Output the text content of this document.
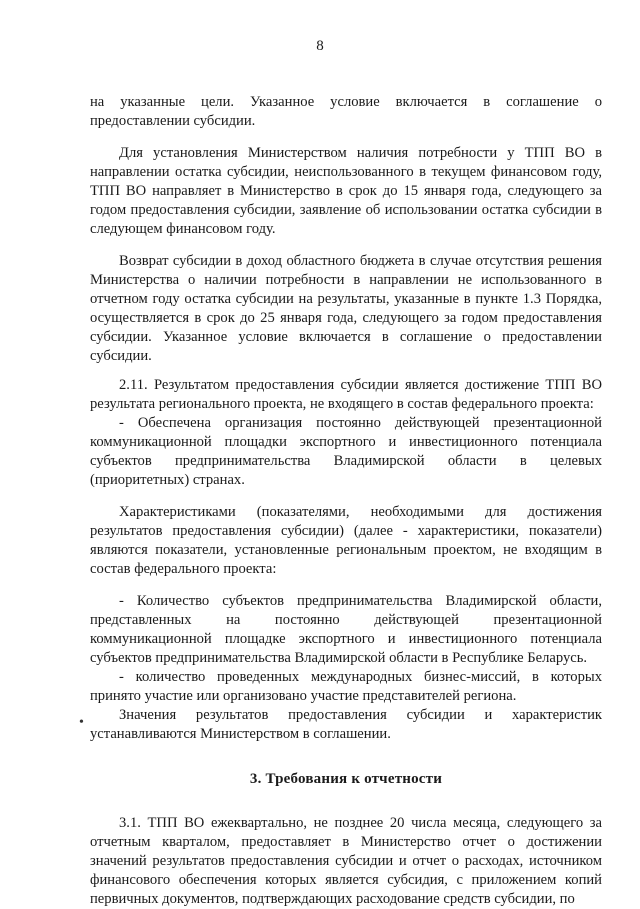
8
•

на указанные цели. Указанное условие включается в соглашение о предоставлении субсидии.

Для установления Министерством наличия потребности у ТПП ВО в направлении остатка субсидии, неиспользованного в текущем финансовом году, ТПП ВО направляет в Министерство в срок до 15 января года, следующего за годом предоставления субсидии, заявление об использовании остатка субсидии в следующем финансовом году.

Возврат субсидии в доход областного бюджета в случае отсутствия решения Министерства о наличии потребности в направлении не использованного в отчетном году остатка субсидии на результаты, указанные в пункте 1.3 Порядка, осуществляется в срок до 25 января года, следующего за годом предоставления субсидии. Указанное условие включается в соглашение о предоставлении субсидии.

2.11. Результатом предоставления субсидии является достижение ТПП ВО результата регионального проекта, не входящего в состав федерального проекта:

- Обеспечена организация постоянно действующей презентационной коммуникационной площадки экспортного и инвестиционного потенциала субъектов предпринимательства Владимирской области в целевых (приоритетных) странах.

Характеристиками (показателями, необходимыми для достижения результатов предоставления субсидии) (далее - характеристики, показатели) являются показатели, установленные региональным проектом, не входящим в состав федерального проекта:

- Количество субъектов предпринимательства Владимирской области, представленных на постоянно действующей презентационной коммуникационной площадке экспортного и инвестиционного потенциала субъектов предпринимательства Владимирской области в Республике Беларусь.

- количество проведенных международных бизнес-миссий, в которых принято участие или организовано участие представителей региона.

Значения результатов предоставления субсидии и характеристик устанавливаются Министерством в соглашении.

3. Требования к отчетности

3.1. ТПП ВО ежеквартально, не позднее 20 числа месяца, следующего за отчетным кварталом, предоставляет в Министерство отчет о достижении значений результатов предоставления субсидии и отчет о расходах, источником финансового обеспечения которых является субсидия, с приложением копий первичных документов, подтверждающих расходование средств субсидии, по
